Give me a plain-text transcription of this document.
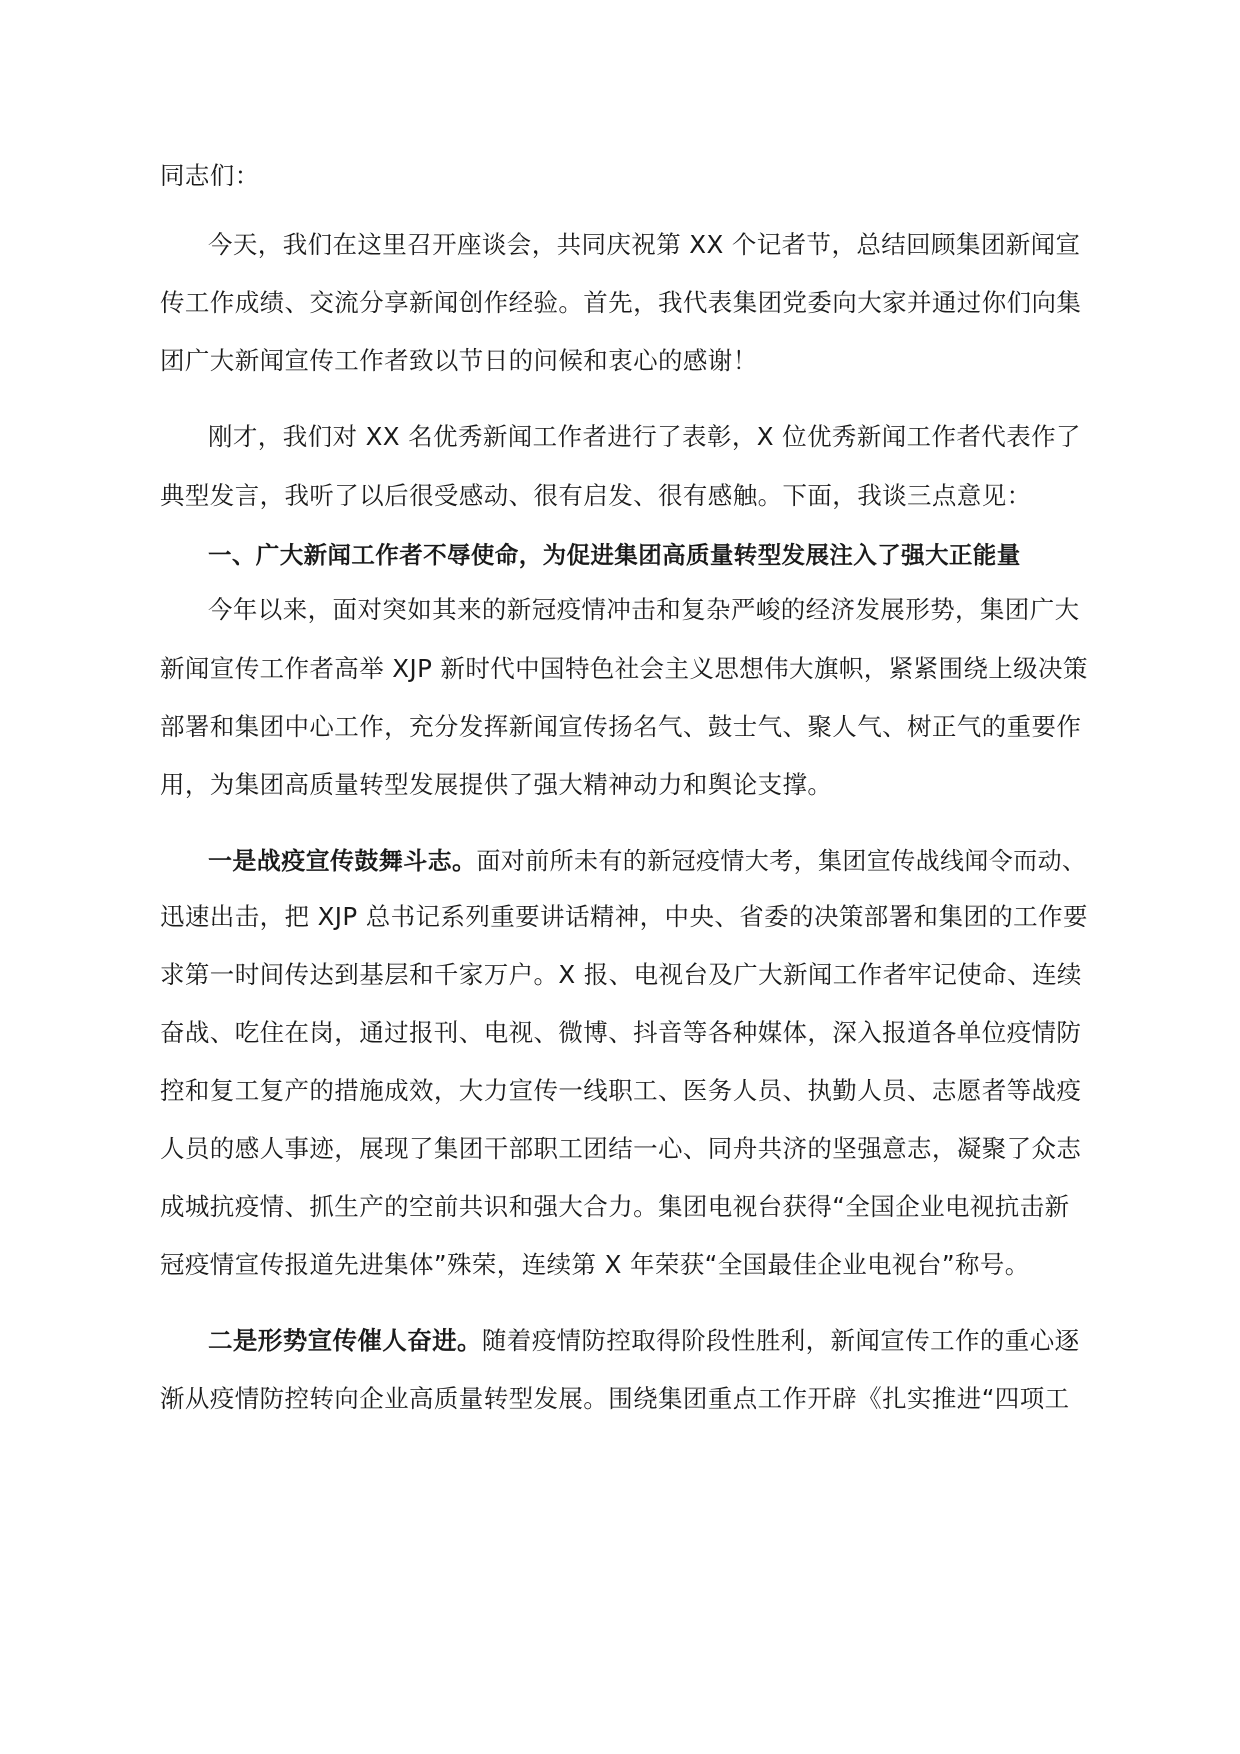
同志们：
今天，我们在这里召开座谈会，共同庆祝第 XX 个记者节，总结回顾集团新闻宣
传工作成绩、交流分享新闻创作经验。首先，我代表集团党委向大家并通过你们向集
团广大新闻宣传工作者致以节日的问候和衷心的感谢！
刚才，我们对 XX 名优秀新闻工作者进行了表彰，X 位优秀新闻工作者代表作了
典型发言，我听了以后很受感动、很有启发、很有感触。下面，我谈三点意见：
一、广大新闻工作者不辱使命，为促进集团高质量转型发展注入了强大正能量
今年以来，面对突如其来的新冠疫情冲击和复杂严峻的经济发展形势，集团广大
新闻宣传工作者高举 XJP 新时代中国特色社会主义思想伟大旗帜，紧紧围绕上级决策
部署和集团中心工作，充分发挥新闻宣传扬名气、鼓士气、聚人气、树正气的重要作
用，为集团高质量转型发展提供了强大精神动力和舆论支撑。
一是战疫宣传鼓舞斗志。面对前所未有的新冠疫情大考，集团宣传战线闻令而动、
迅速出击，把 XJP 总书记系列重要讲话精神，中央、省委的决策部署和集团的工作要
求第一时间传达到基层和千家万户。X 报、电视台及广大新闻工作者牢记使命、连续
奋战、吃住在岗，通过报刊、电视、微博、抖音等各种媒体，深入报道各单位疫情防
控和复工复产的措施成效，大力宣传一线职工、医务人员、执勤人员、志愿者等战疫
人员的感人事迹，展现了集团干部职工团结一心、同舟共济的坚强意志，凝聚了众志
成城抗疫情、抓生产的空前共识和强大合力。集团电视台获得“全国企业电视抗击新
冠疫情宣传报道先进集体”殊荣，连续第 X 年荣获“全国最佳企业电视台”称号。
二是形势宣传催人奋进。随着疫情防控取得阶段性胜利，新闻宣传工作的重心逐
渐从疫情防控转向企业高质量转型发展。围绕集团重点工作开辟《扎实推进“四项工
